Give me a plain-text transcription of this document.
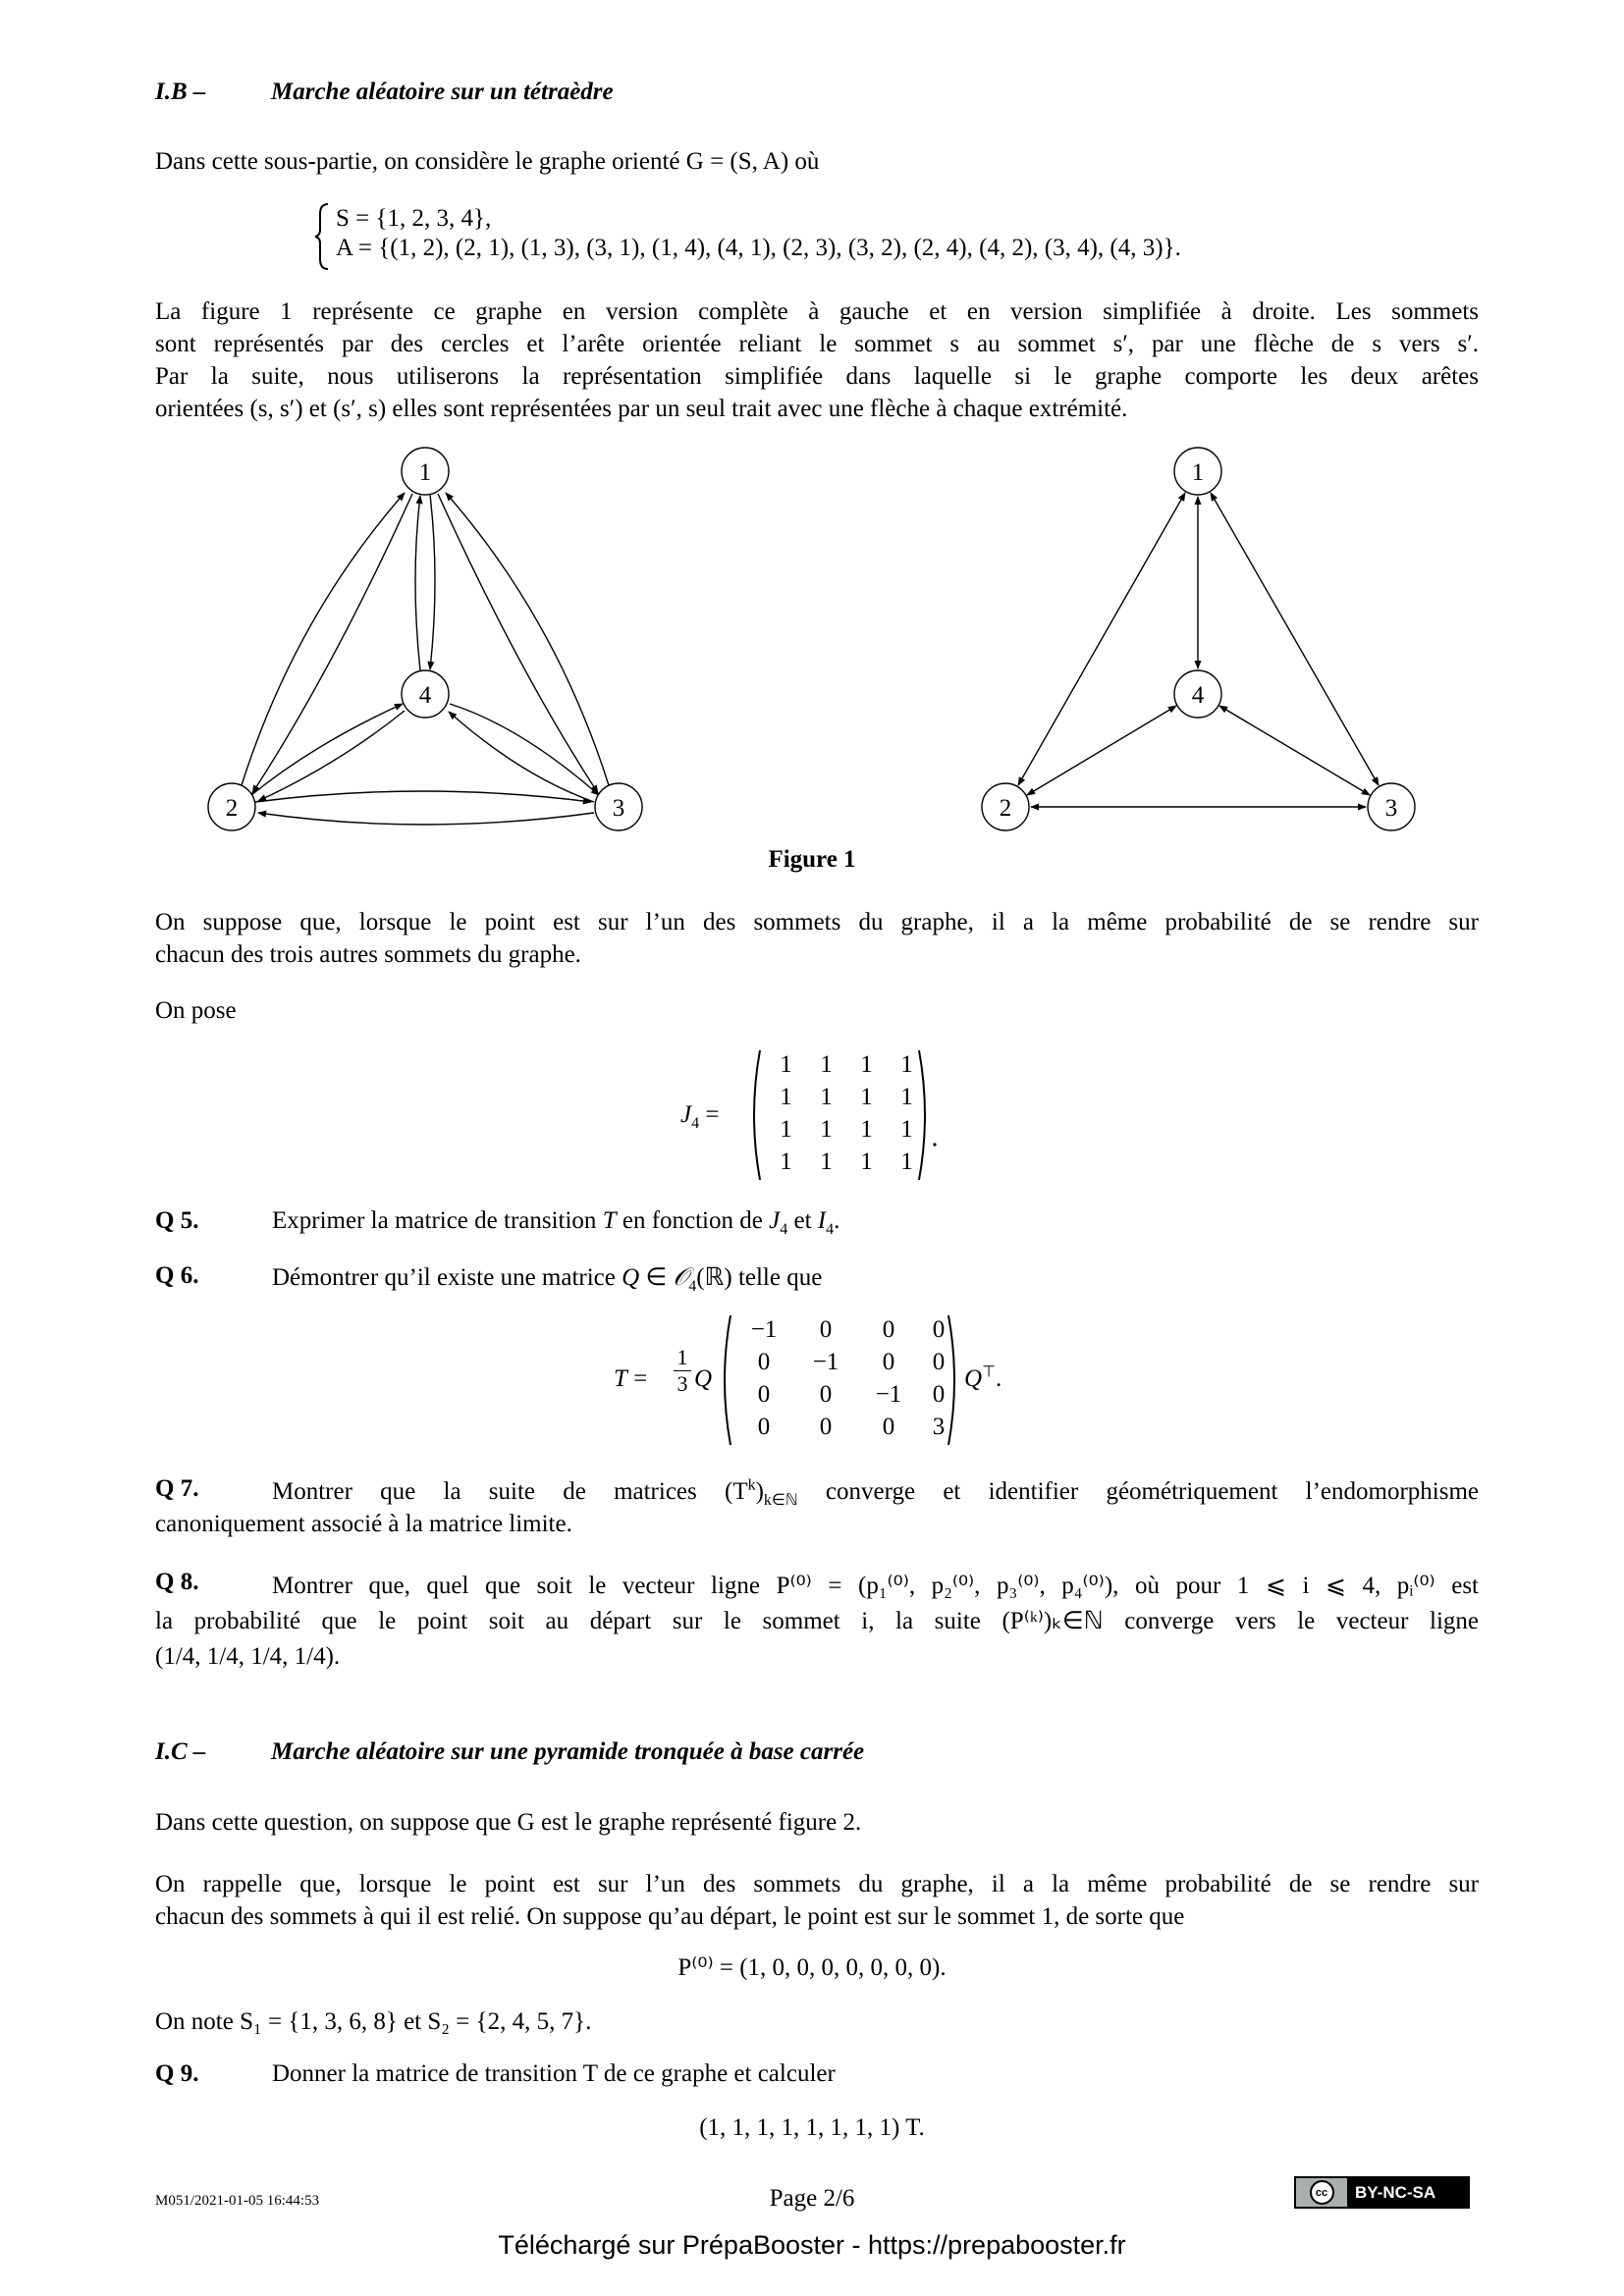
I.B –	Marche aléatoire sur un tétraèdre
Dans cette sous-partie, on considère le graphe orienté G = (S, A) où
S = {1, 2, 3, 4},
A = {(1, 2), (2, 1), (1, 3), (3, 1), (1, 4), (4, 1), (2, 3), (3, 2), (2, 4), (4, 2), (3, 4), (4, 3)}.
La figure 1 représente ce graphe en version complète à gauche et en version simplifiée à droite. Les sommets
sont représentés par des cercles et l’arête orientée reliant le sommet s au sommet s′, par une flèche de s vers s′.
Par la suite, nous utiliserons la représentation simplifiée dans laquelle si le graphe comporte les deux arêtes
orientées (s, s′) et (s′, s) elles sont représentées par un seul trait avec une flèche à chaque extrémité.
1
4
2	3
1
4
2	3
Figure 1
On suppose que, lorsque le point est sur l’un des sommets du graphe, il a la même probabilité de se rendre sur
chacun des trois autres sommets du graphe.
On pose
$J_4$ =
1	1	1	1
1	1	1	1
1	1	1	1
1	1	1	1
Q 5.	Exprimer la matrice de transition T en fonction de $J_4$ et $I_4$.
Q 6.	Démontrer qu’il existe une matrice Q ∈ 𝒪$_4$(ℝ) telle que
$T = \frac{1}{3}$ Q
−1	0	0	0
0	−1	0	0
0	0	−1	0
0	0	0	3
Q⊤.
Q 7.	Montrer que la suite de matrices $(T^k)_{k\in ℕ}$ converge et identifier géométriquement l’endomorphisme
canoniquement associé à la matrice limite.
Q 8.	Montrer que, quel que soit le vecteur ligne P⁽⁰⁾ = (p₁⁽⁰⁾, p₂⁽⁰⁾, p₃⁽⁰⁾, p₄⁽⁰⁾), où pour 1 ⩽ i ⩽ 4, pᵢ⁽⁰⁾ est
la probabilité que le point soit au départ sur le sommet i, la suite (P⁽ᵏ⁾)ₖ∈ℕ converge vers le vecteur ligne
(1/4, 1/4, 1/4, 1/4).
I.C –	Marche aléatoire sur une pyramide tronquée à base carrée
Dans cette question, on suppose que G est le graphe représenté figure 2.
On rappelle que, lorsque le point est sur l’un des sommets du graphe, il a la même probabilité de se rendre sur
chacun des sommets à qui il est relié. On suppose qu’au départ, le point est sur le sommet 1, de sorte que
P⁽⁰⁾ = (1, 0, 0, 0, 0, 0, 0, 0).
On note S₁ = {1, 3, 6, 8} et S₂ = {2, 4, 5, 7}.
Q 9.	Donner la matrice de transition T de ce graphe et calculer
(1, 1, 1, 1, 1, 1, 1, 1) T.
M051/2021-01-05 16:44:53	Page 2/6	cc	BY-NC-SA
Téléchargé sur PrépaBooster - https://prepabooster.fr
